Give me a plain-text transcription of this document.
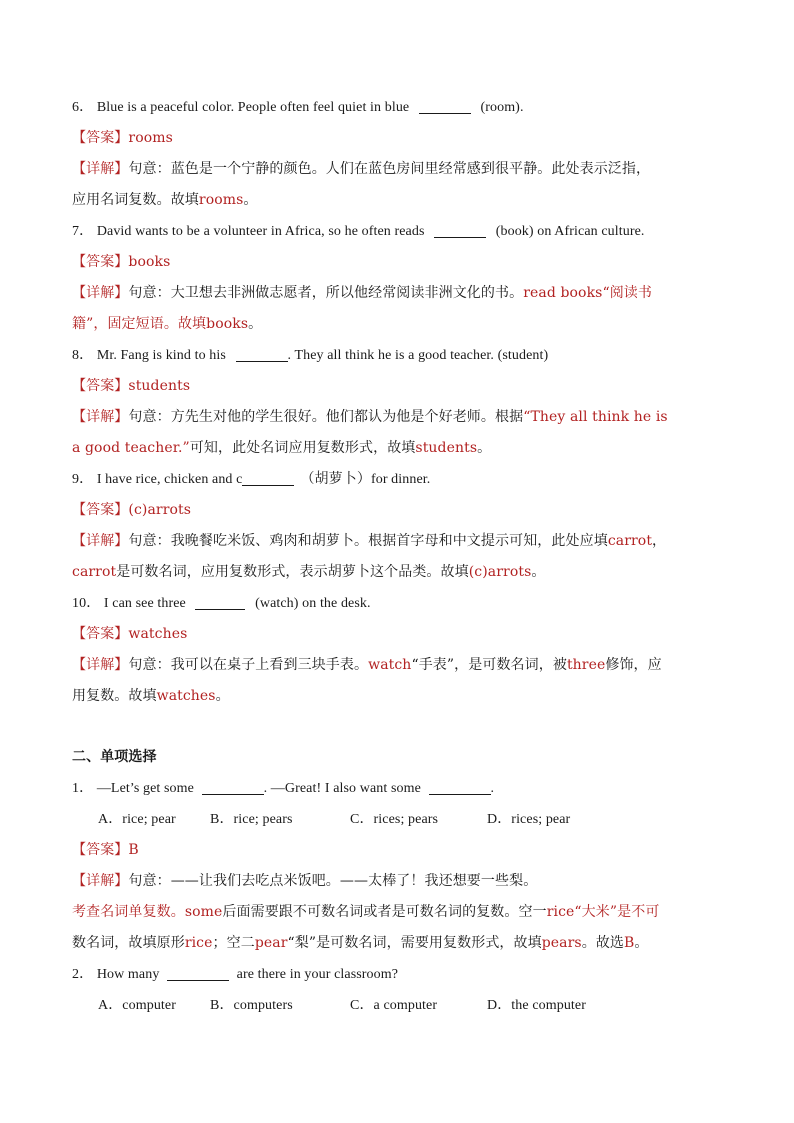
6． Blue is a peaceful color. People often feel quiet in blue	(room).
【答案】rooms
【详解】句意：蓝色是一个宁静的颜色。人们在蓝色房间里经常感到很平静。此处表示泛指，
应用名词复数。故填rooms。
7． David wants to be a volunteer in Africa, so he often reads	(book) on African culture.
【答案】books
【详解】句意：大卫想去非洲做志愿者，所以他经常阅读非洲文化的书。read books“阅读书
籍”，固定短语。故填books。
8． Mr. Fang is kind to his	. They all think he is a good teacher. (student)
【答案】students
【详解】句意：方先生对他的学生很好。他们都认为他是个好老师。根据“They all think he is
a good teacher.”可知，此处名词应用复数形式，故填students。
9． I have rice, chicken and c	（胡萝卜）for dinner.
【答案】(c)arrots
【详解】句意：我晚餐吃米饭、鸡肉和胡萝卜。根据首字母和中文提示可知，此处应填carrot，
carrot是可数名词，应用复数形式，表示胡萝卜这个品类。故填(c)arrots。
10． I can see three	(watch) on the desk.
【答案】watches
【详解】句意：我可以在桌子上看到三块手表。watch“手表”，是可数名词，被three修饰，应
用复数。故填watches。
二、单项选择
1． —Let’s get some	. —Great! I also want some	.
A．rice; pear B．rice; pears	C．rices; pears	D．rices; pear
【答案】B
【详解】句意：——让我们去吃点米饭吧。——太棒了！我还想要一些梨。
考查名词单复数。some后面需要跟不可数名词或者是可数名词的复数。空一rice“大米”是不可
数名词，故填原形rice；空二pear“梨”是可数名词，需要用复数形式，故填pears。故选B。
2． How many	are there in your classroom?
A．computer B．computers	C．a computer	D．the computer
